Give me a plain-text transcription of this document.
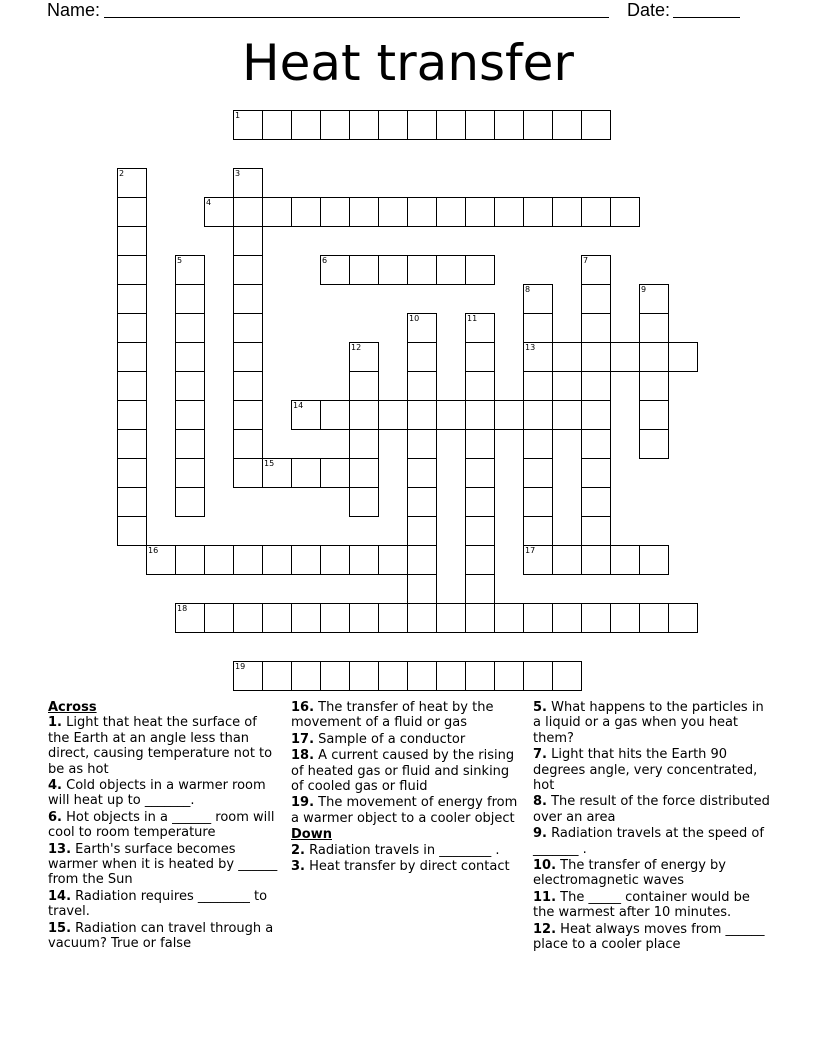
Name:	Date:
Heat transfer
1
2	3
4
5	6	7
8
13
9
10	11
12
14
15
16	17
18
19
Across
1. Light that heat the surface of the Earth at an angle less than direct, causing temperature not to be as hot
4. Cold objects in a warmer room will heat up to _______.
6. Hot objects in a ______ room will cool to room temperature
13. Earth's surface becomes warmer when it is heated by ______ from the Sun
14. Radiation requires ________ to travel.
15. Radiation can travel through a vacuum? True or false
16. The transfer of heat by the movement of a fluid or gas
17. Sample of a conductor
18. A current caused by the rising of heated gas or fluid and sinking of cooled gas or fluid
19. The movement of energy from a warmer object to a cooler object
Down
2. Radiation travels in ________ .
3. Heat transfer by direct contact
5. What happens to the particles in a liquid or a gas when you heat them?
7. Light that hits the Earth 90 degrees angle, very concentrated, hot
8. The result of the force distributed over an area
9. Radiation travels at the speed of _______ .
10. The transfer of energy by electromagnetic waves
11. The _____ container would be the warmest after 10 minutes.
12. Heat always moves from ______ place to a cooler place
